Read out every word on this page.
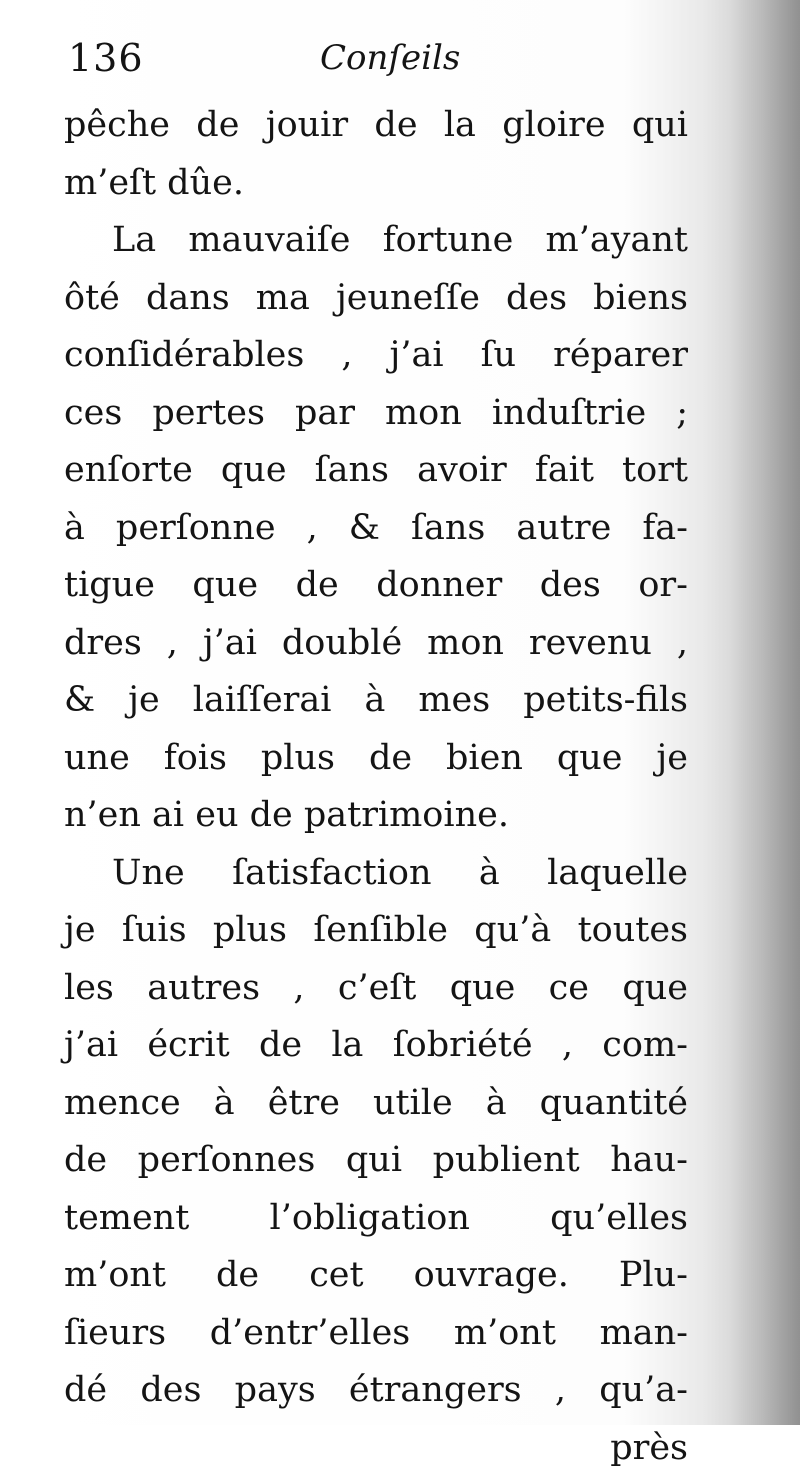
136	Conſeils
pêche de jouir de la gloire qui
m’eſt dûe.
La mauvaiſe fortune m’ayant
ôté dans ma jeuneſſe des biens
conſidérables , j’ai ſu réparer
ces pertes par mon induſtrie ;
enſorte que ſans avoir fait tort
à perſonne , & ſans autre fa-
tigue que de donner des or-
dres , j’ai doublé mon revenu ,
& je laiſſerai à mes petits-fils
une fois plus de bien que je
n’en ai eu de patrimoine.
Une ſatisfaction à laquelle
je ſuis plus ſenſible qu’à toutes
les autres , c’eſt que ce que
j’ai écrit de la ſobriété , com-
mence à être utile à quantité
de perſonnes qui publient hau-
tement l’obligation qu’elles
m’ont de cet ouvrage. Plu-
ſieurs d’entr’elles m’ont man-
dé des pays étrangers , qu’a-
près
